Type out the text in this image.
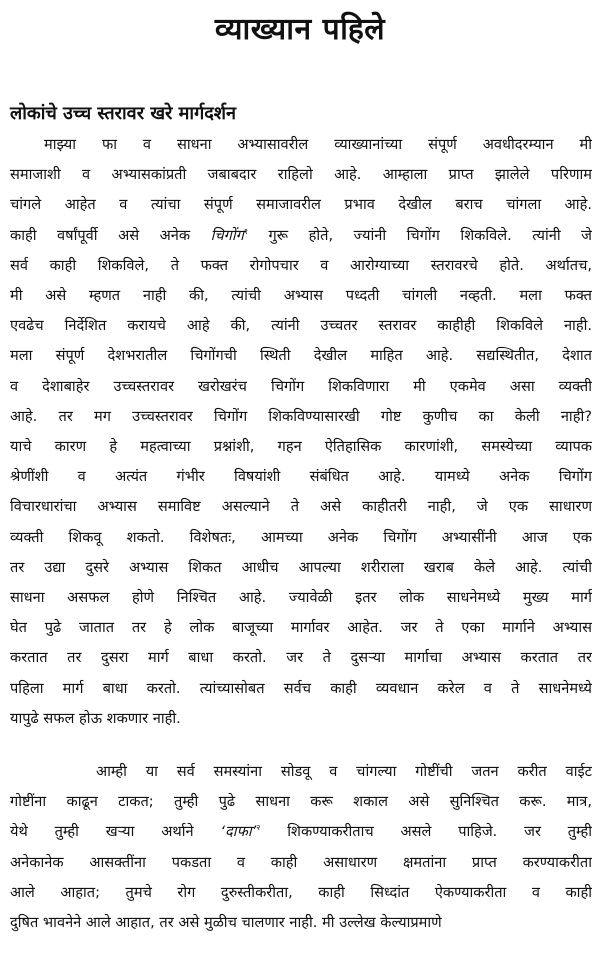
व्याख्यान पहिले
लोकांचे उच्च स्तरावर खरे मार्गदर्शन
माझ्या फा व साधना अभ्यासावरील व्याख्यानांच्या संपूर्ण अवधीदरम्यान मी
समाजाशी व अभ्यासकांप्रती जबाबदार राहिलो आहे. आम्हाला प्राप्त झालेले परिणाम
चांगले आहेत व त्यांचा संपूर्ण समाजावरील प्रभाव देखील बराच चांगला आहे.
काही वर्षांपूर्वी असे अनेक चिगोंग$^१$ गुरू होते, ज्यांनी चिगोंग शिकविले. त्यांनी जे
सर्व काही शिकविले, ते फक्त रोगोपचार व आरोग्याच्या स्तरावरचे होते. अर्थातच,
मी असे म्हणत नाही की, त्यांची अभ्यास पध्दती चांगली नव्हती. मला फक्त
एवढेच निर्देशित करायचे आहे की, त्यांनी उच्चतर स्तरावर काहीही शिकविले नाही.
मला संपूर्ण देशभरातील चिगोंगची स्थिती देखील माहित आहे. सद्यस्थितीत, देशात
व देशाबाहेर उच्चस्तरावर खरोखरंच चिगोंग शिकविणारा मी एकमेव असा व्यक्ती
आहे. तर मग उच्चस्तरावर चिगोंग शिकविण्यासारखी गोष्ट कुणीच का केली नाही?
याचे कारण हे महत्वाच्या प्रश्नांशी, गहन ऐतिहासिक कारणांशी, समस्येच्या व्यापक
श्रेणींशी व अत्यंत गंभीर विषयांशी संबंधित आहे. यामध्ये अनेक चिगोंग
विचारधारांचा अभ्यास समाविष्ट असल्याने ते असे काहीतरी नाही, जे एक साधारण
व्यक्ती शिकवू शकतो. विशेषतः, आमच्या अनेक चिगोंग अभ्यासींनी आज एक
तर उद्या दुसरे अभ्यास शिकत आधीच आपल्या शरीराला खराब केले आहे. त्यांची
साधना असफल होणे निश्चित आहे. ज्यावेळी इतर लोक साधनेमध्ये मुख्य मार्ग
घेत पुढे जातात तर हे लोक बाजूच्या मार्गावर आहेत. जर ते एका मार्गाने अभ्यास
करतात तर दुसरा मार्ग बाधा करतो. जर ते दुसऱ्या मार्गाचा अभ्यास करतात तर
पहिला मार्ग बाधा करतो. त्यांच्यासोबत सर्वच काही व्यवधान करेल व ते साधनेमध्ये
यापुढे सफल होऊ शकणार नाही.
आम्ही या सर्व समस्यांना सोडवू व चांगल्या गोष्टींची जतन करीत वाईट
गोष्टींना काढून टाकत; तुम्ही पुढे साधना करू शकाल असे सुनिश्चित करू. मात्र,
येथे तुम्ही खऱ्या अर्थाने ‘दाफा’$^२$ शिकण्याकरीताच असले पाहिजे. जर तुम्ही
अनेकानेक आसक्तींना पकडता व काही असाधारण क्षमतांना प्राप्त करण्याकरीता
आले आहात; तुमचे रोग दुरुस्तीकरीता, काही सिध्दांत ऐकण्याकरीता व काही
दुषित भावनेने आले आहात, तर असे मुळीच चालणार नाही. मी उल्लेख केल्याप्रमाणे
